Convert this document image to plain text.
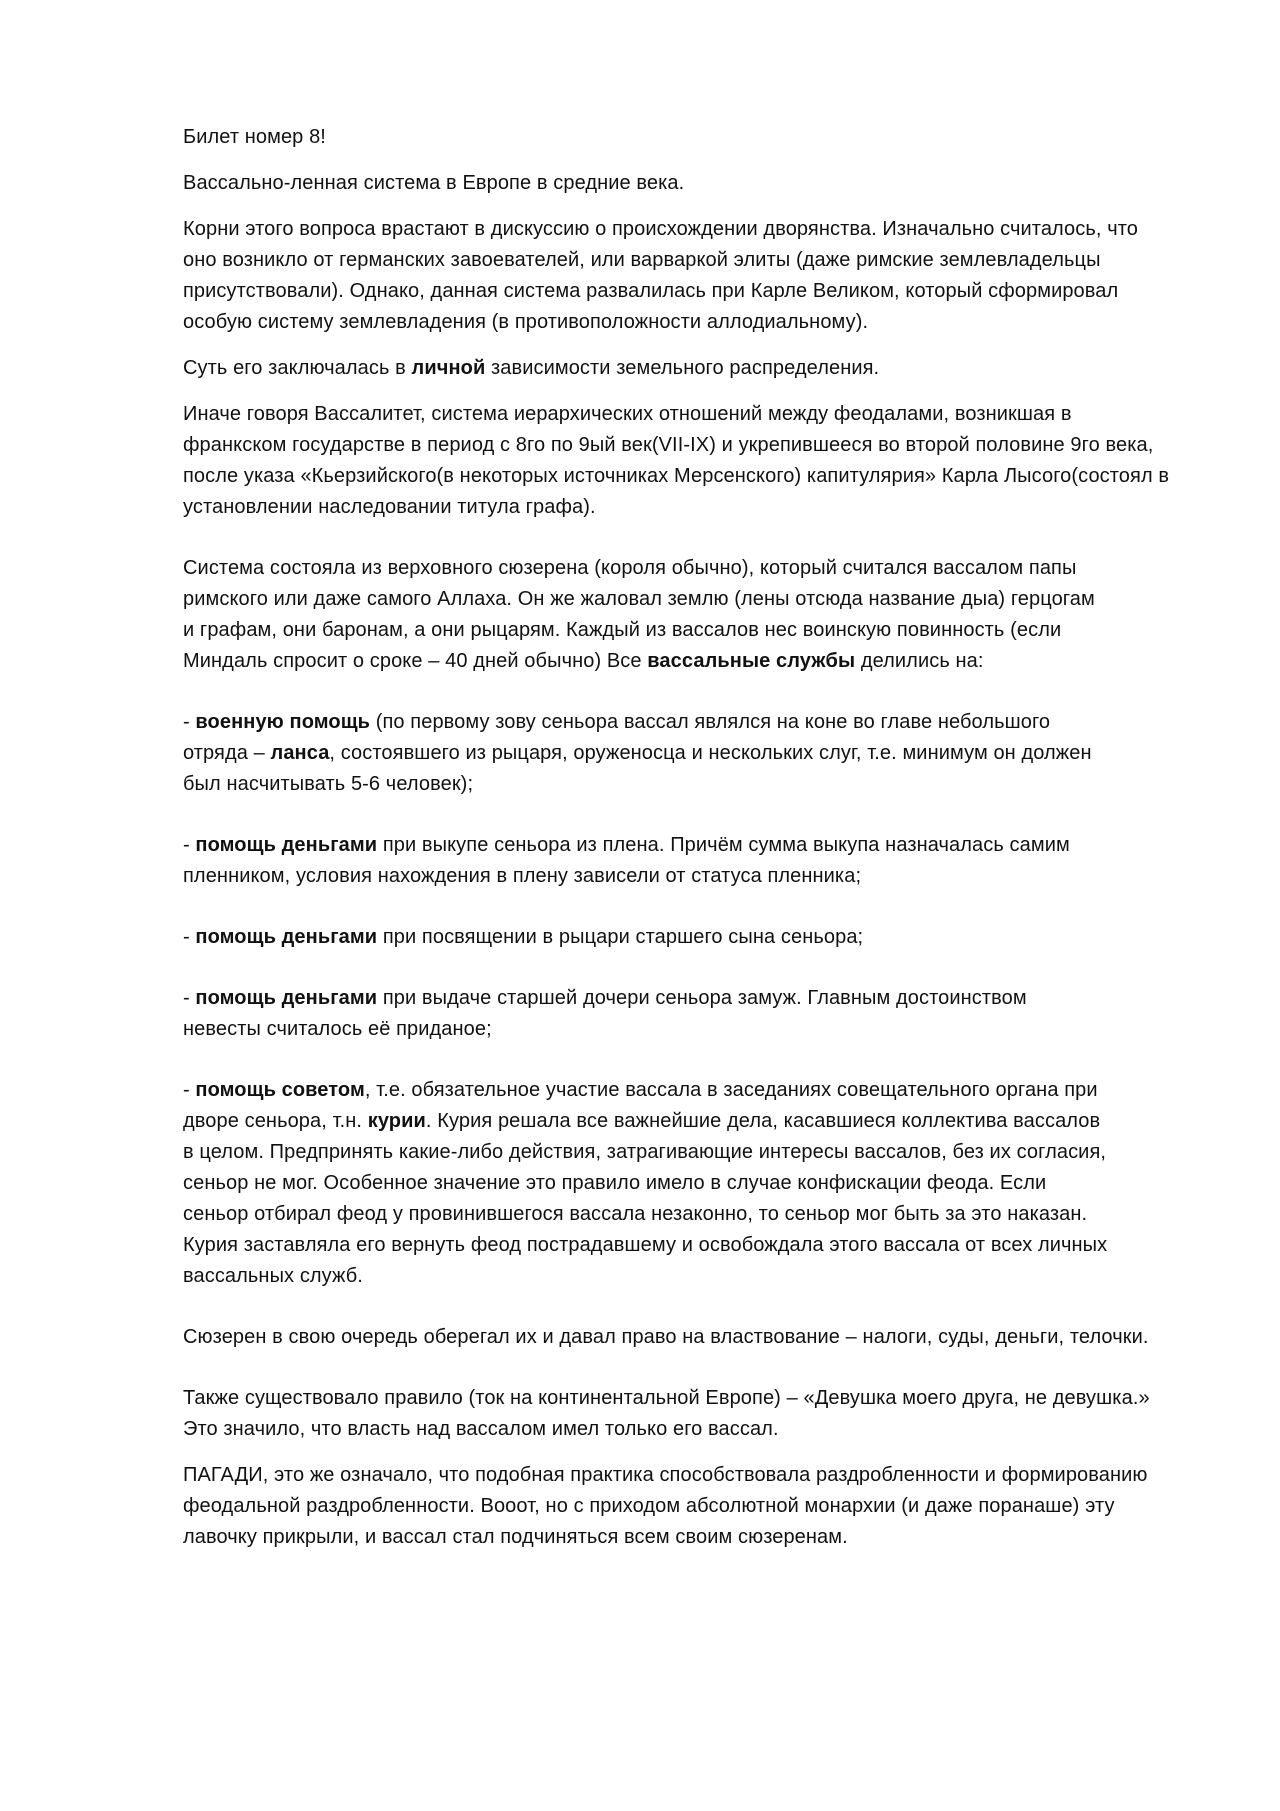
Билет номер 8!

Вассально-ленная система в Европе в средние века.

Корни этого вопроса врастают в дискуссию о происхождении дворянства. Изначально считалось, что оно возникло от германских завоевателей, или варваркой элиты (даже римские землевладельцы присутствовали). Однако, данная система развалилась при Карле Великом, который сформировал особую систему землевладения (в противоположности аллодиальному).

Суть его заключалась в личной зависимости земельного распределения.

Иначе говоря Вассалитет, система иерархических отношений между феодалами, возникшая в франкском государстве в период с 8го по 9ый век(VII-IX) и укрепившееся во второй половине 9го века, после указа «Кьерзийского(в некоторых источниках Мерсенского) капитулярия» Карла Лысого(состоял в установлении наследовании титула графа).

Система состояла из верховного сюзерена (короля обычно), который считался вассалом папы римского или даже самого Аллаха. Он же жаловал землю (лены отсюда название дыа) герцогам и графам, они баронам, а они рыцарям. Каждый из вассалов нес воинскую повинность (если Миндаль спросит о сроке – 40 дней обычно) Все вассальные службы делились на:

- военную помощь (по первому зову сеньора вассал являлся на коне во главе небольшого отряда – ланса, состоявшего из рыцаря, оруженосца и нескольких слуг, т.е. минимум он должен был насчитывать 5-6 человек);

- помощь деньгами при выкупе сеньора из плена. Причём сумма выкупа назначалась самим пленником, условия нахождения в плену зависели от статуса пленника;

- помощь деньгами при посвящении в рыцари старшего сына сеньора;

- помощь деньгами при выдаче старшей дочери сеньора замуж. Главным достоинством невесты считалось её приданое;

- помощь советом, т.е. обязательное участие вассала в заседаниях совещательного органа при дворе сеньора, т.н. курии. Курия решала все важнейшие дела, касавшиеся коллектива вассалов в целом. Предпринять какие-либо действия, затрагивающие интересы вассалов, без их согласия, сеньор не мог. Особенное значение это правило имело в случае конфискации феода. Если сеньор отбирал феод у провинившегося вассала незаконно, то сеньор мог быть за это наказан. Курия заставляла его вернуть феод пострадавшему и освобождала этого вассала от всех личных вассальных служб.

Сюзерен в свою очередь оберегал их и давал право на властвование – налоги, суды, деньги, телочки.

Также существовало правило (ток на континентальной Европе) – «Девушка моего друга, не девушка.» Это значило, что власть над вассалом имел только его вассал.

ПАГАДИ, это же означало, что подобная практика способствовала раздробленности и формированию феодальной раздробленности. Вооот, но с приходом абсолютной монархии (и даже поранаше) эту лавочку прикрыли, и вассал стал подчиняться всем своим сюзеренам.
